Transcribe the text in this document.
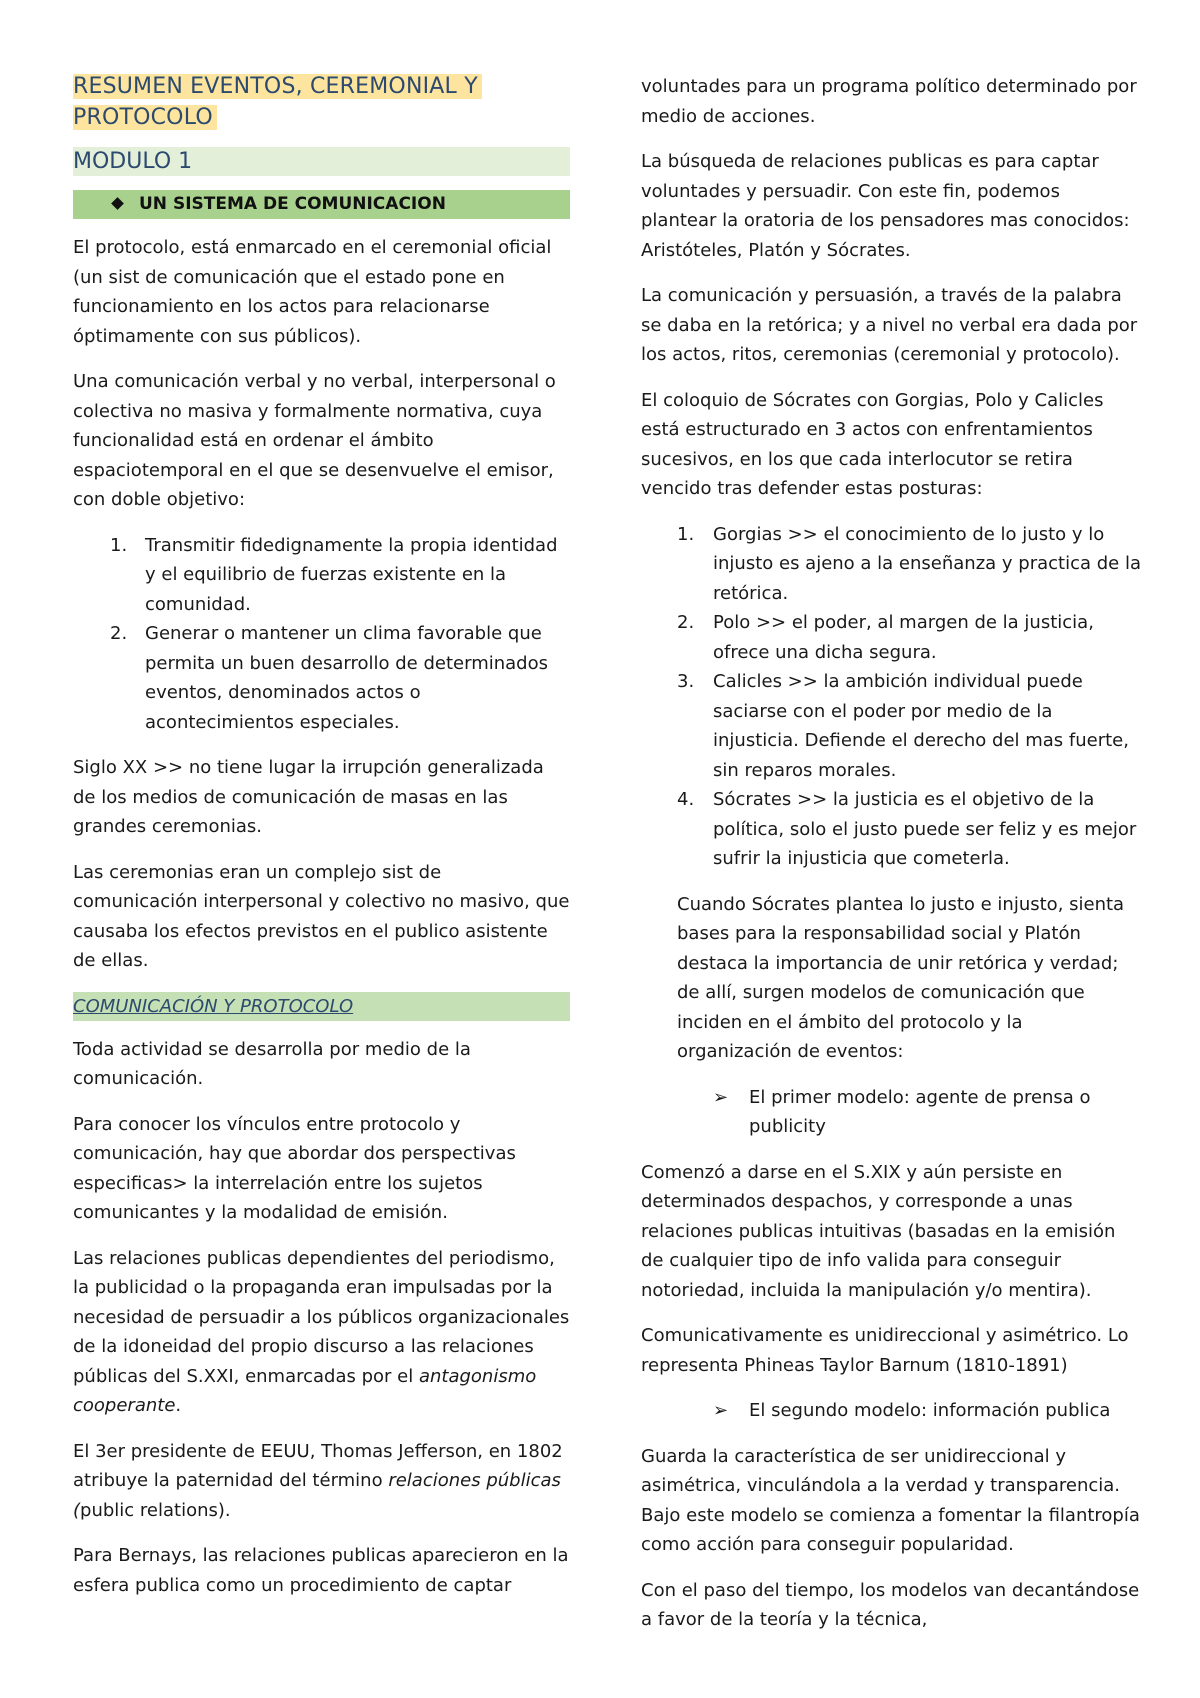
RESUMEN EVENTOS, CEREMONIAL Y PROTOCOLO
MODULO 1
UN SISTEMA DE COMUNICACION

El protocolo, está enmarcado en el ceremonial oficial (un sist de comunicación que el estado pone en funcionamiento en los actos para relacionarse óptimamente con sus públicos).

Una comunicación verbal y no verbal, interpersonal o colectiva no masiva y formalmente normativa, cuya funcionalidad está en ordenar el ámbito espaciotemporal en el que se desenvuelve el emisor, con doble objetivo:

1. Transmitir fidedignamente la propia identidad y el equilibrio de fuerzas existente en la comunidad.
2. Generar o mantener un clima favorable que permita un buen desarrollo de determinados eventos, denominados actos o acontecimientos especiales.

Siglo XX >> no tiene lugar la irrupción generalizada de los medios de comunicación de masas en las grandes ceremonias.

Las ceremonias eran un complejo sist de comunicación interpersonal y colectivo no masivo, que causaba los efectos previstos en el publico asistente de ellas.

COMUNICACIÓN Y PROTOCOLO

Toda actividad se desarrolla por medio de la comunicación.

Para conocer los vínculos entre protocolo y comunicación, hay que abordar dos perspectivas especificas> la interrelación entre los sujetos comunicantes y la modalidad de emisión.

Las relaciones publicas dependientes del periodismo, la publicidad o la propaganda eran impulsadas por la necesidad de persuadir a los públicos organizacionales de la idoneidad del propio discurso a las relaciones públicas del S.XXI, enmarcadas por el antagonismo cooperante.

El 3er presidente de EEUU, Thomas Jefferson, en 1802 atribuye la paternidad del término relaciones públicas (public relations).

Para Bernays, las relaciones publicas aparecieron en la esfera publica como un procedimiento de captar

voluntades para un programa político determinado por medio de acciones.

La búsqueda de relaciones publicas es para captar voluntades y persuadir. Con este fin, podemos plantear la oratoria de los pensadores mas conocidos: Aristóteles, Platón y Sócrates.

La comunicación y persuasión, a través de la palabra se daba en la retórica; y a nivel no verbal era dada por los actos, ritos, ceremonias (ceremonial y protocolo).

El coloquio de Sócrates con Gorgias, Polo y Calicles está estructurado en 3 actos con enfrentamientos sucesivos, en los que cada interlocutor se retira vencido tras defender estas posturas:

1. Gorgias >> el conocimiento de lo justo y lo injusto es ajeno a la enseñanza y practica de la retórica.
2. Polo >> el poder, al margen de la justicia, ofrece una dicha segura.
3. Calicles >> la ambición individual puede saciarse con el poder por medio de la injusticia. Defiende el derecho del mas fuerte, sin reparos morales.
4. Sócrates >> la justicia es el objetivo de la política, solo el justo puede ser feliz y es mejor sufrir la injusticia que cometerla.

Cuando Sócrates plantea lo justo e injusto, sienta bases para la responsabilidad social y Platón destaca la importancia de unir retórica y verdad; de allí, surgen modelos de comunicación que inciden en el ámbito del protocolo y la organización de eventos:

➢ El primer modelo: agente de prensa o publicity

Comenzó a darse en el S.XIX y aún persiste en determinados despachos, y corresponde a unas relaciones publicas intuitivas (basadas en la emisión de cualquier tipo de info valida para conseguir notoriedad, incluida la manipulación y/o mentira).

Comunicativamente es unidireccional y asimétrico. Lo representa Phineas Taylor Barnum (1810-1891)

➢ El segundo modelo: información publica

Guarda la característica de ser unidireccional y asimétrica, vinculándola a la verdad y transparencia. Bajo este modelo se comienza a fomentar la filantropía como acción para conseguir popularidad.

Con el paso del tiempo, los modelos van decantándose a favor de la teoría y la técnica,
